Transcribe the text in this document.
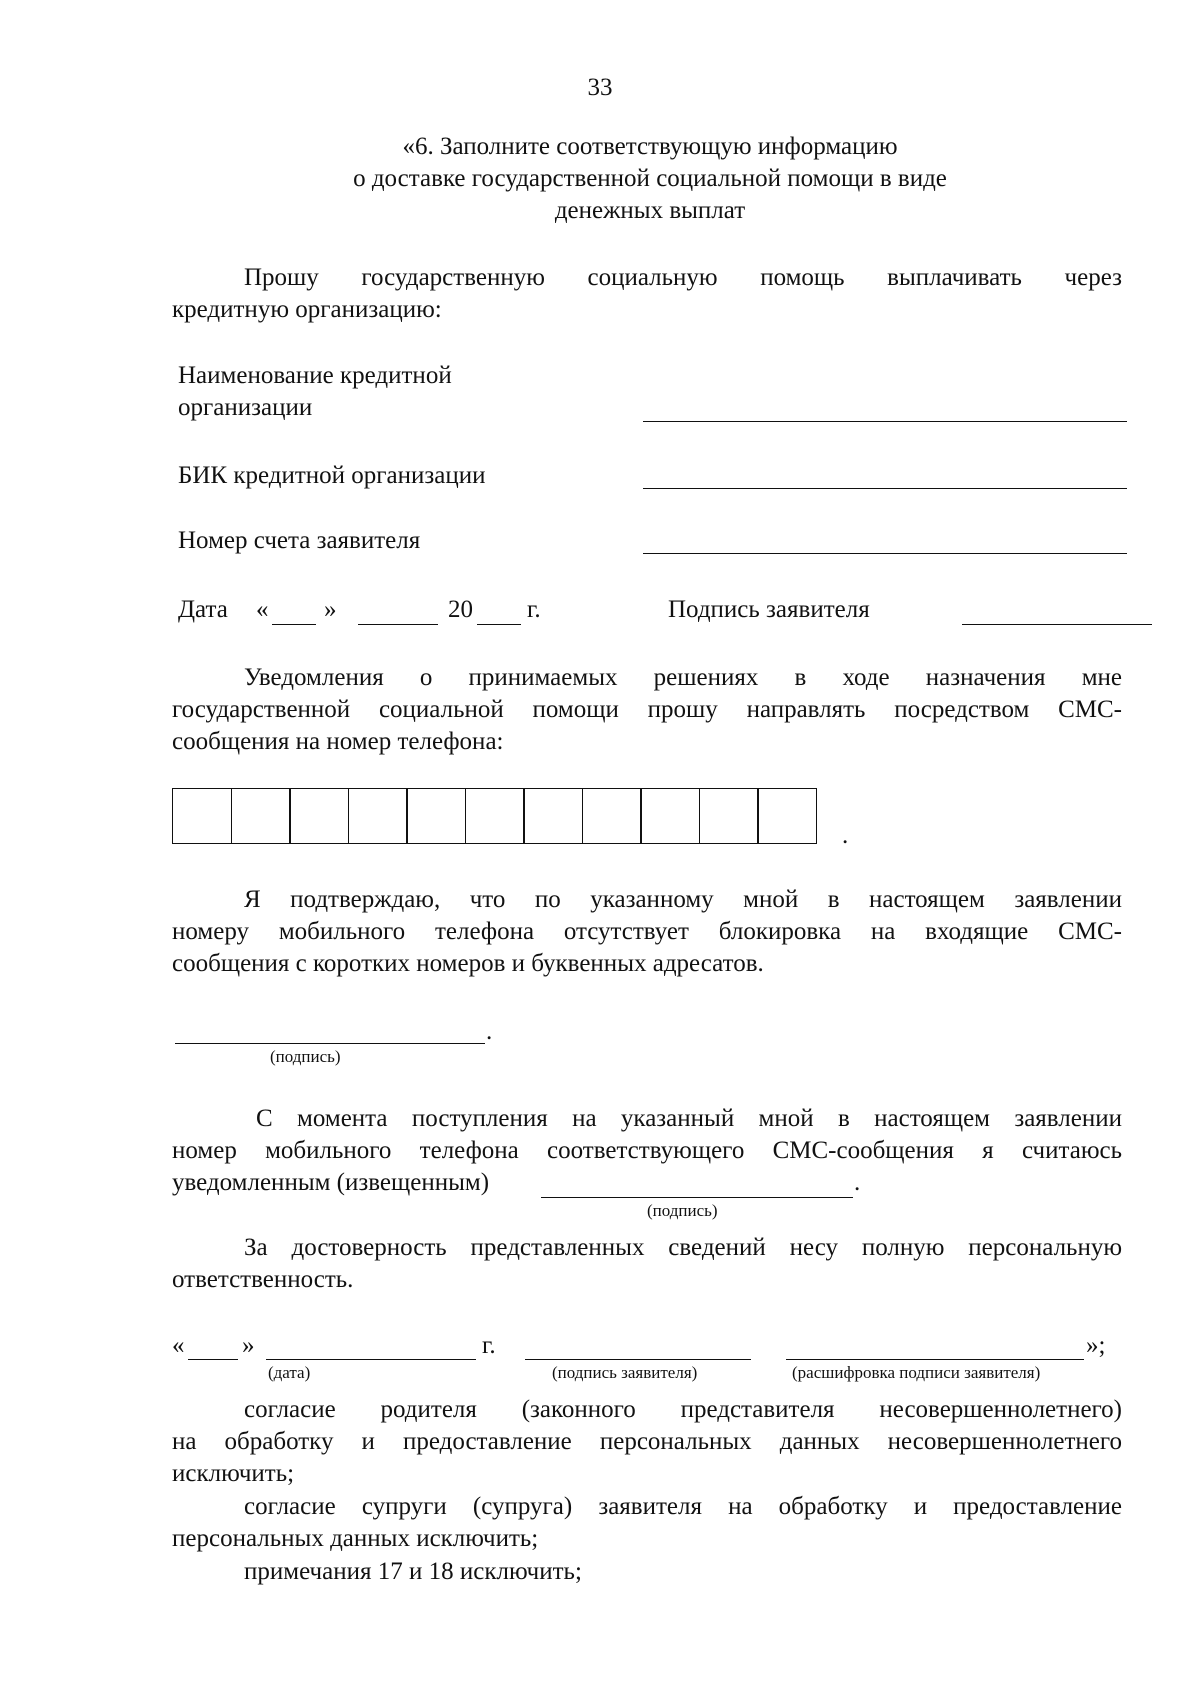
33
«6. Заполните соответствующую информацию
о доставке государственной социальной помощи в виде
денежных выплат

Прошу государственную социальную помощь выплачивать через

кредитную организацию:

Наименование кредитной
организации
БИК кредитной организации
Номер счета заявителя
Дата « »	20 г.	Подпись заявителя

Уведомления о принимаемых решениях в ходе назначения мне

государственной социальной помощи прошу направлять посредством СМС-

сообщения на номер телефона:

.

Я подтверждаю, что по указанному мной в настоящем заявлении

номеру мобильного телефона отсутствует блокировка на входящие СМС-

сообщения с коротких номеров и буквенных адресатов.

.
(подпись)

С момента поступления на указанный мной в настоящем заявлении

номер мобильного телефона соответствующего СМС-сообщения я считаюсь

уведомленным (извещенным)	.
(подпись)

За достоверность представленных сведений несу полную персональную

ответственность.

« »	г.	»;
(дата)	(подпись заявителя)	(расшифровка подписи заявителя)

согласие родителя (законного представителя несовершеннолетнего)

на обработку и предоставление персональных данных несовершеннолетнего

исключить;

согласие супруги (супруга) заявителя на обработку и предоставление

персональных данных исключить;

примечания 17 и 18 исключить;
